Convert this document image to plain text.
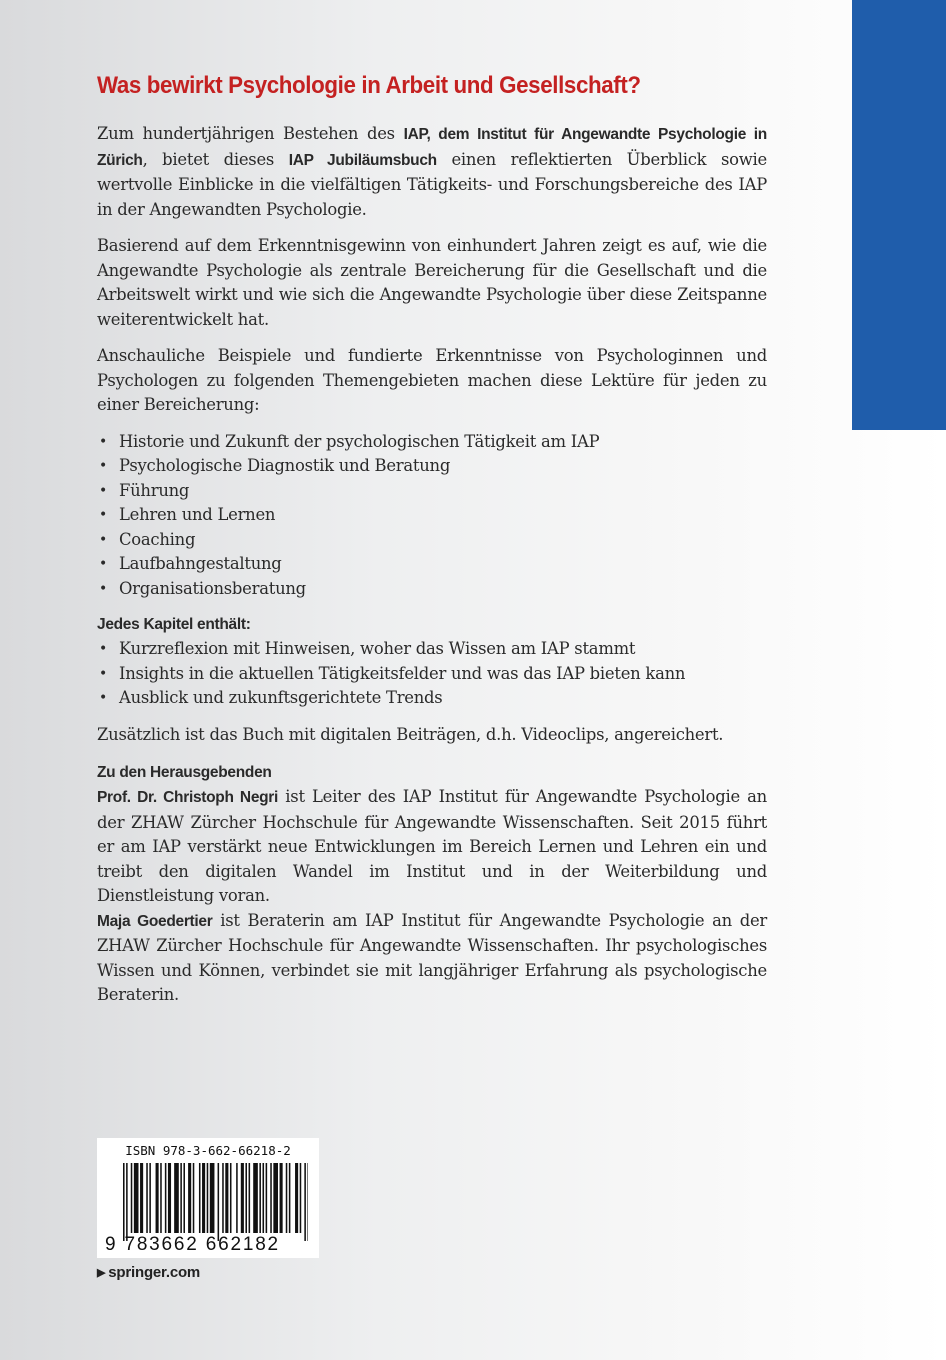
Was bewirkt Psychologie in Arbeit und Gesellschaft?

Zum hundertjährigen Bestehen des IAP, dem Institut für Angewandte Psychologie in Zürich, bietet dieses IAP Jubiläumsbuch einen reflektierten Überblick sowie wertvolle Einblicke in die vielfältigen Tätigkeits- und Forschungsbereiche des IAP in der Angewandten Psychologie.

Basierend auf dem Erkenntnisgewinn von einhundert Jahren zeigt es auf, wie die Angewandte Psychologie als zentrale Bereicherung für die Gesellschaft und die Arbeitswelt wirkt und wie sich die Angewandte Psychologie über diese Zeitspanne weiterentwickelt hat.

Anschauliche Beispiele und fundierte Erkenntnisse von Psychologinnen und Psychologen zu folgenden Themengebieten machen diese Lektüre für jeden zu einer Bereicherung:

• Historie und Zukunft der psychologischen Tätigkeit am IAP
• Psychologische Diagnostik und Beratung
• Führung
• Lehren und Lernen
• Coaching
• Laufbahngestaltung
• Organisationsberatung
Jedes Kapitel enthält:
• Kurzreflexion mit Hinweisen, woher das Wissen am IAP stammt
• Insights in die aktuellen Tätigkeitsfelder und was das IAP bieten kann
• Ausblick und zukunftsgerichtete Trends

Zusätzlich ist das Buch mit digitalen Beiträgen, d.h. Videoclips, angereichert.

Zu den Herausgebenden

Prof. Dr. Christoph Negri ist Leiter des IAP Institut für Angewandte Psychologie an der ZHAW Zürcher Hochschule für Angewandte Wissenschaften. Seit 2015 führt er am IAP verstärkt neue Entwicklungen im Bereich Lernen und Lehren ein und treibt den digitalen Wandel im Institut und in der Weiterbildung und Dienstleistung voran.

Maja Goedertier ist Beraterin am IAP Institut für Angewandte Psychologie an der ZHAW Zürcher Hochschule für Angewandte Wissenschaften. Ihr psychologisches Wissen und Können, verbindet sie mit langjähriger Erfahrung als psychologische Beraterin.

ISBN 978-3-662-66218-2
9 783662 662182
▶ springer.com
